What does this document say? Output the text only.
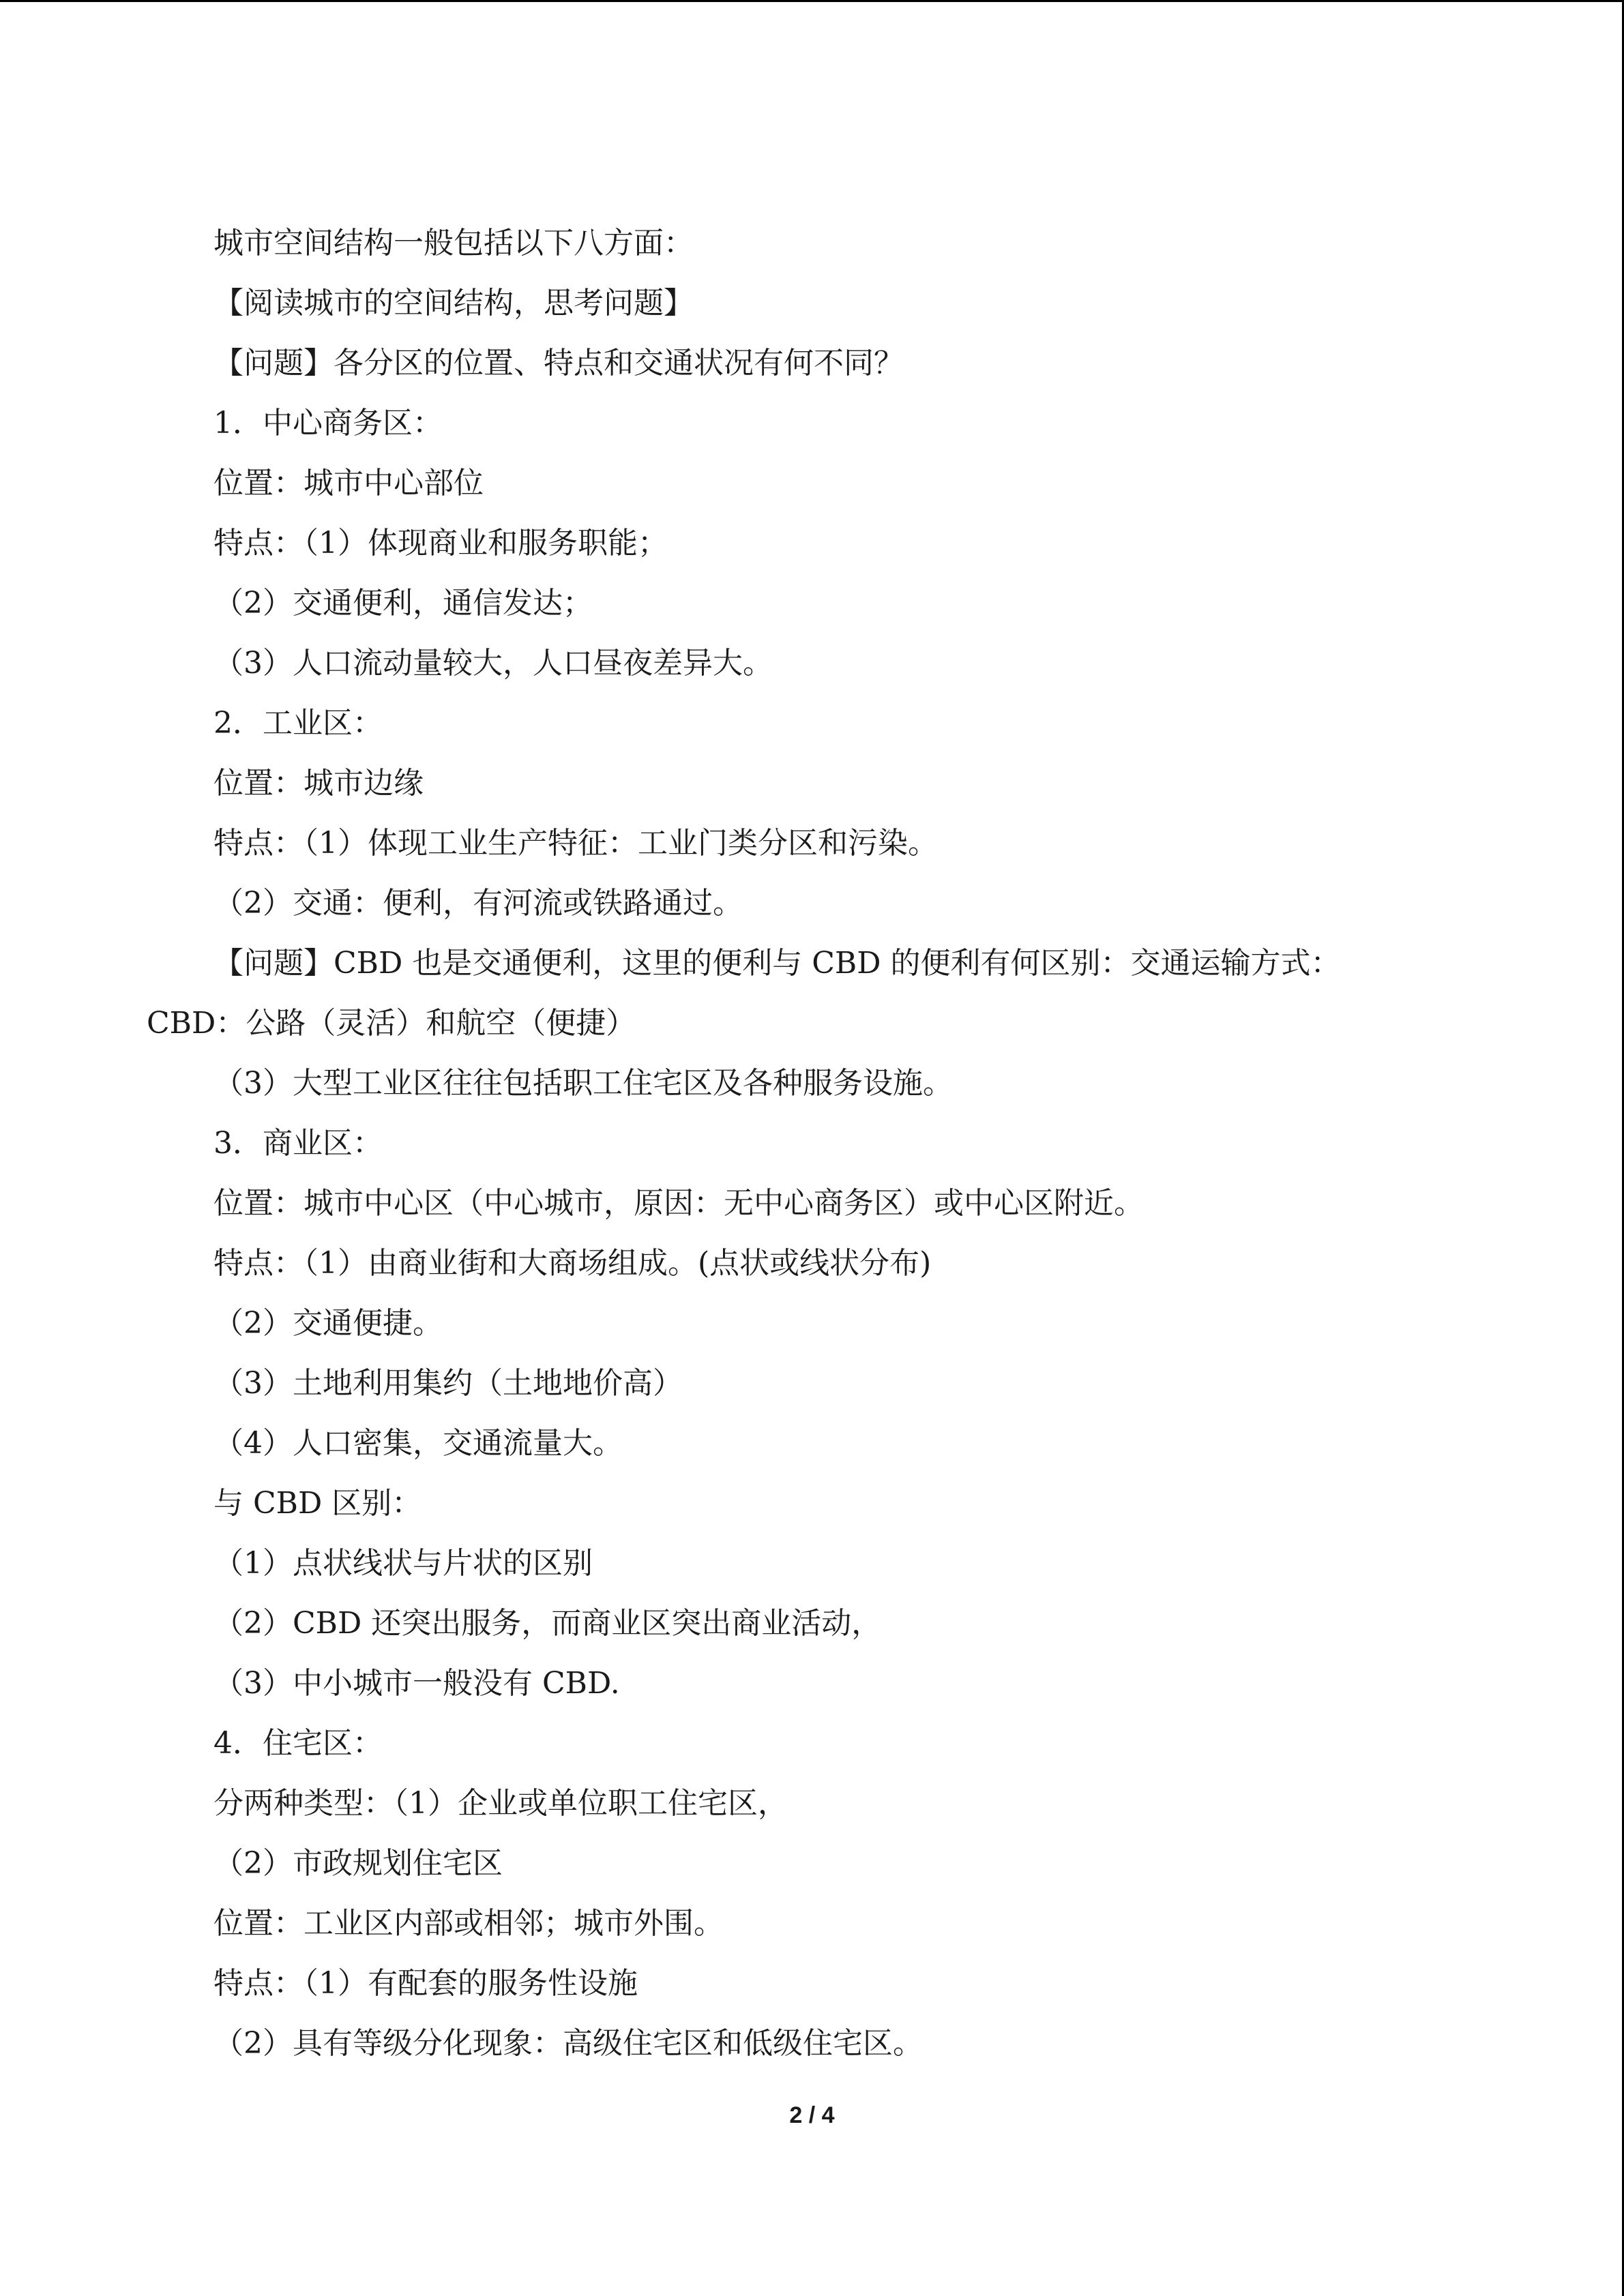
城市空间结构一般包括以下八方面：
【阅读城市的空间结构，思考问题】
【问题】各分区的位置、特点和交通状况有何不同？
1．中心商务区：
位置：城市中心部位
特点：（1）体现商业和服务职能；
（2）交通便利，通信发达；
（3）人口流动量较大，人口昼夜差异大。
2．工业区：
位置：城市边缘
特点：（1）体现工业生产特征：工业门类分区和污染。
（2）交通：便利，有河流或铁路通过。
【问题】CBD 也是交通便利，这里的便利与 CBD 的便利有何区别：交通运输方式：
CBD：公路（灵活）和航空（便捷）
（3）大型工业区往往包括职工住宅区及各种服务设施。
3．商业区：
位置：城市中心区（中心城市，原因：无中心商务区）或中心区附近。
特点：（1）由商业街和大商场组成。(点状或线状分布)
（2）交通便捷。
（3）土地利用集约（土地地价高）
（4）人口密集，交通流量大。
与 CBD 区别：
（1）点状线状与片状的区别
（2）CBD 还突出服务，而商业区突出商业活动，
（3）中小城市一般没有 CBD.
4．住宅区：
分两种类型：（1）企业或单位职工住宅区，
（2）市政规划住宅区
位置：工业区内部或相邻；城市外围。
特点：（1）有配套的服务性设施
（2）具有等级分化现象：高级住宅区和低级住宅区。
2 / 4
